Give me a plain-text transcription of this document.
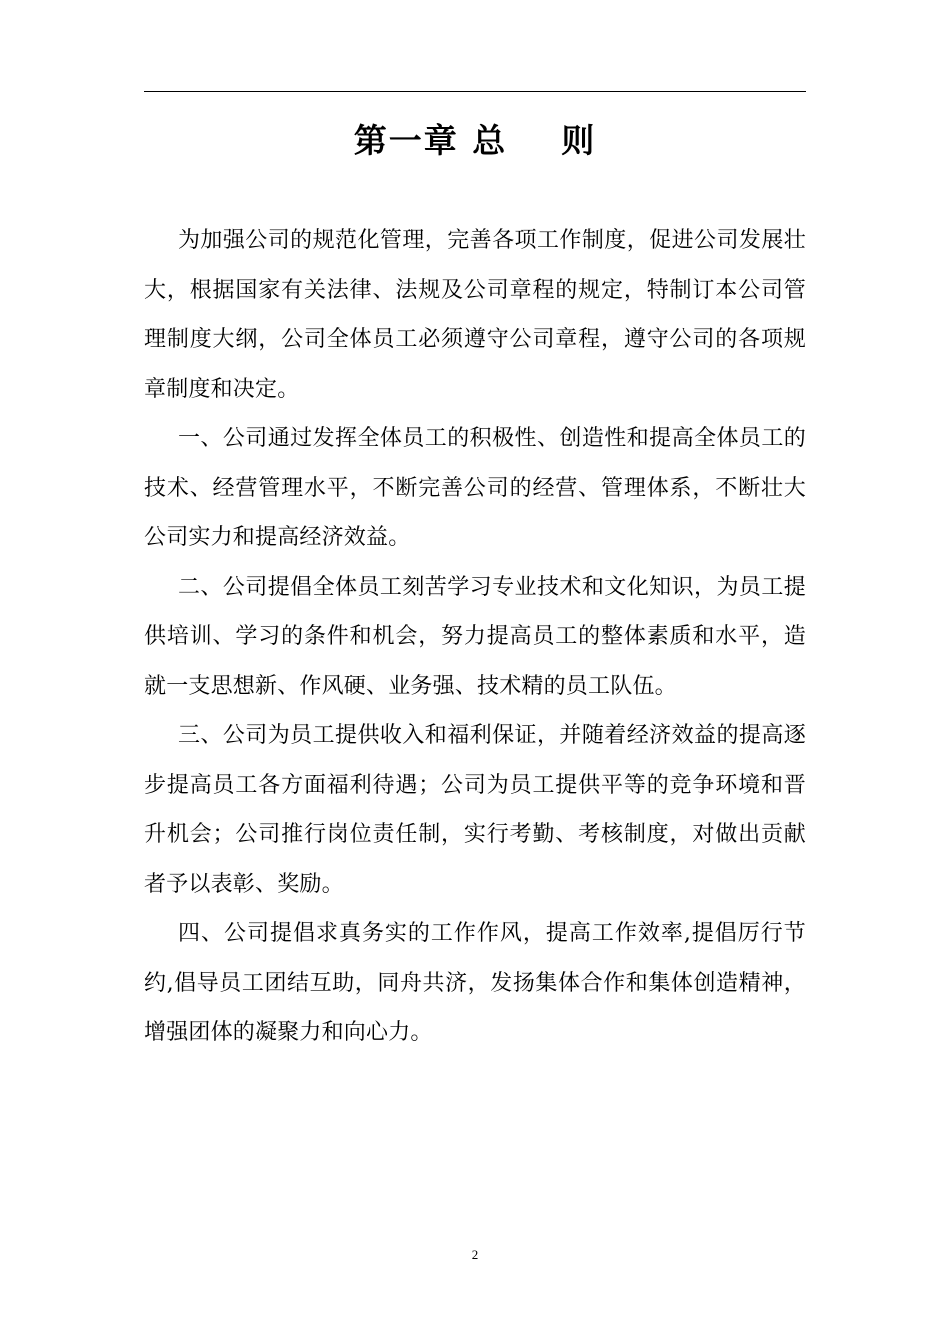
第一章 总    则

为加强公司的规范化管理，完善各项工作制度，促进公司发展壮大，根据国家有关法律、法规及公司章程的规定，特制订本公司管理制度大纲，公司全体员工必须遵守公司章程，遵守公司的各项规章制度和决定。

一、公司通过发挥全体员工的积极性、创造性和提高全体员工的技术、经营管理水平，不断完善公司的经营、管理体系，不断壮大公司实力和提高经济效益。

二、公司提倡全体员工刻苦学习专业技术和文化知识，为员工提供培训、学习的条件和机会，努力提高员工的整体素质和水平，造就一支思想新、作风硬、业务强、技术精的员工队伍。

三、公司为员工提供收入和福利保证，并随着经济效益的提高逐步提高员工各方面福利待遇；公司为员工提供平等的竞争环境和晋升机会；公司推行岗位责任制，实行考勤、考核制度，对做出贡献者予以表彰、奖励。

四、公司提倡求真务实的工作作风，提高工作效率,提倡厉行节约,倡导员工团结互助，同舟共济，发扬集体合作和集体创造精神，增强团体的凝聚力和向心力。

2
